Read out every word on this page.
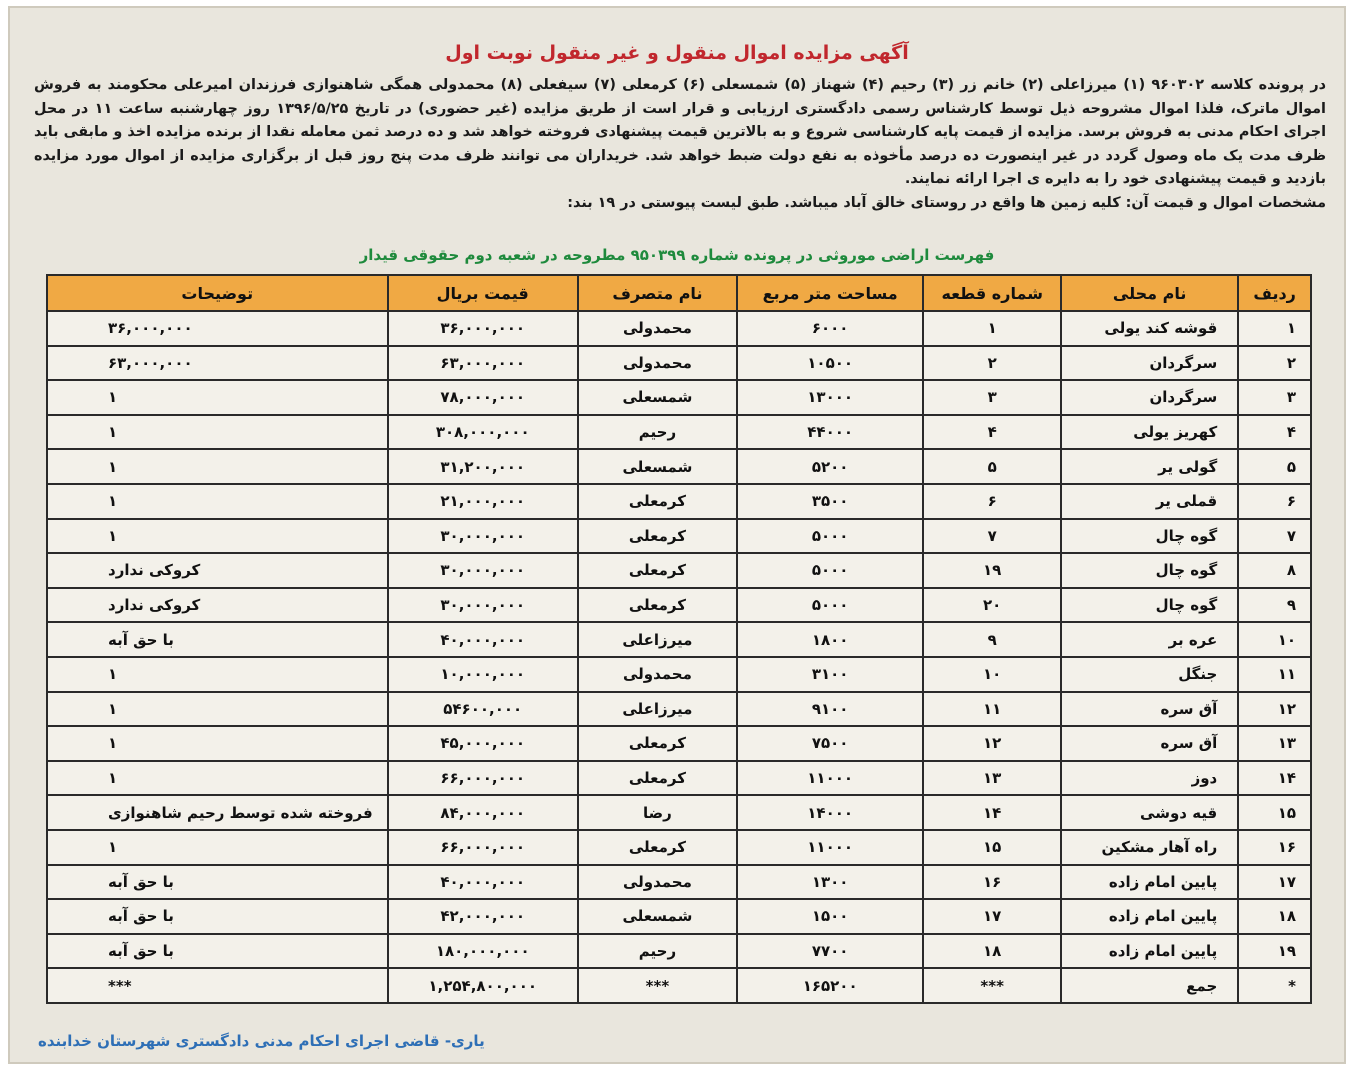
آگهی مزایده اموال منقول و غیر منقول نوبت اول

در پرونده کلاسه ۹۶۰۳۰۲ (۱) میرزاعلی (۲) خانم زر (۳) رحیم (۴) شهناز (۵) شمسعلی (۶) کرمعلی (۷) سیفعلی (۸) محمدولی همگی شاهنوازی فرزندان امیرعلی محکومند به فروش اموال ماترک، فلذا اموال مشروحه ذیل توسط کارشناس رسمی دادگستری ارزیابی و قرار است از طریق مزایده (غیر حضوری) در تاریخ ۱۳۹۶/۵/۲۵ روز چهارشنبه ساعت ۱۱ در محل اجرای احکام مدنی به فروش برسد. مزایده از قیمت پایه کارشناسی شروع و به بالاترین قیمت پیشنهادی فروخته خواهد شد و ده درصد ثمن معامله نقدا از برنده مزایده اخذ و مابقی باید ظرف مدت یک ماه وصول گردد در غیر اینصورت ده درصد مأخوذه به نفع دولت ضبط خواهد شد. خریداران می توانند ظرف مدت پنج روز قبل از برگزاری مزایده از اموال مورد مزایده بازدید و قیمت پیشنهادی خود را به دایره ی اجرا ارائه نمایند.

مشخصات اموال و قیمت آن: کلیه زمین ها واقع در روستای خالق آباد میباشد. طبق لیست پیوستی در ۱۹ بند:

فهرست اراضی موروثی در پرونده شماره ۹۵۰۳۹۹ مطروحه در شعبه دوم حقوقی قیدار
ردیف	نام محلی	شماره قطعه	مساحت متر مربع	نام متصرف	قیمت بریال	توضیحات
۱	قوشه کند یولی	۱	۶۰۰۰	محمدولی	۳۶,۰۰۰,۰۰۰	۳۶,۰۰۰,۰۰۰
۲	سرگردان	۲	۱۰۵۰۰	محمدولی	۶۳,۰۰۰,۰۰۰	۶۳,۰۰۰,۰۰۰
۳	سرگردان	۳	۱۳۰۰۰	شمسعلی	۷۸,۰۰۰,۰۰۰	۱
۴	کهریز یولی	۴	۴۴۰۰۰	رحیم	۳۰۸,۰۰۰,۰۰۰	۱
۵	گولی یر	۵	۵۲۰۰	شمسعلی	۳۱,۲۰۰,۰۰۰	۱
۶	قملی یر	۶	۳۵۰۰	کرمعلی	۲۱,۰۰۰,۰۰۰	۱
۷	گوه چال	۷	۵۰۰۰	کرمعلی	۳۰,۰۰۰,۰۰۰	۱
۸	گوه چال	۱۹	۵۰۰۰	کرمعلی	۳۰,۰۰۰,۰۰۰	کروکی ندارد
۹	گوه چال	۲۰	۵۰۰۰	کرمعلی	۳۰,۰۰۰,۰۰۰	کروکی ندارد
۱۰	عره بر	۹	۱۸۰۰	میرزاعلی	۴۰,۰۰۰,۰۰۰	با حق آبه
۱۱	جنگل	۱۰	۳۱۰۰	محمدولی	۱۰,۰۰۰,۰۰۰	۱
۱۲	آق سره	۱۱	۹۱۰۰	میرزاعلی	۵۴۶۰۰,۰۰۰	۱
۱۳	آق سره	۱۲	۷۵۰۰	کرمعلی	۴۵,۰۰۰,۰۰۰	۱
۱۴	دوز	۱۳	۱۱۰۰۰	کرمعلی	۶۶,۰۰۰,۰۰۰	۱
۱۵	قیه دوشی	۱۴	۱۴۰۰۰	رضا	۸۴,۰۰۰,۰۰۰	فروخته شده توسط رحیم شاهنوازی
۱۶	راه آهار مشکین	۱۵	۱۱۰۰۰	کرمعلی	۶۶,۰۰۰,۰۰۰	۱
۱۷	پایین امام زاده	۱۶	۱۳۰۰	محمدولی	۴۰,۰۰۰,۰۰۰	با حق آبه
۱۸	پایین امام زاده	۱۷	۱۵۰۰	شمسعلی	۴۲,۰۰۰,۰۰۰	با حق آبه
۱۹	پایین امام زاده	۱۸	۷۷۰۰	رحیم	۱۸۰,۰۰۰,۰۰۰	با حق آبه
*	جمع	***	۱۶۵۲۰۰	***	۱,۲۵۴,۸۰۰,۰۰۰	***
یاری- قاضی اجرای احکام مدنی دادگستری شهرستان خدابنده
